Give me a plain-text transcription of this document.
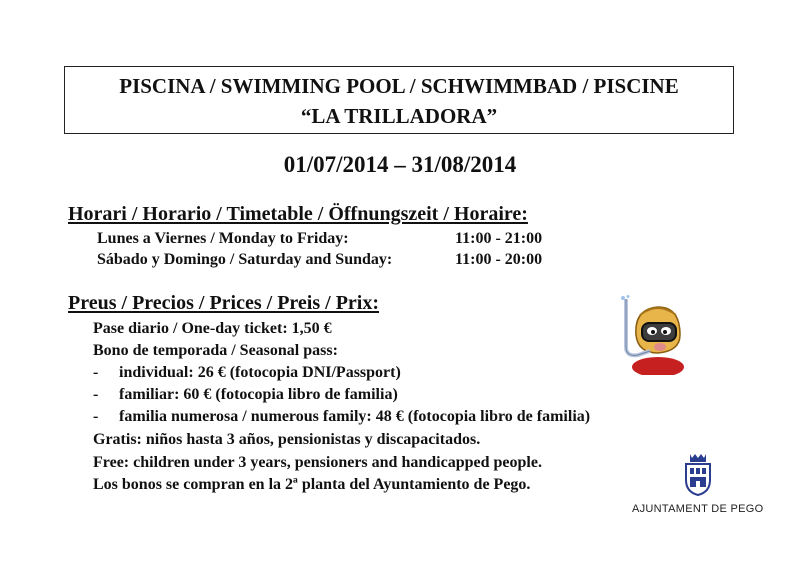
PISCINA / SWIMMING POOL / SCHWIMMBAD / PISCINE
“LA TRILLADORA”
01/07/2014 – 31/08/2014
Horari / Horario / Timetable / Öffnungszeit / Horaire:
Lunes a Viernes / Monday to Friday:	11:00 - 21:00
Sábado y Domingo / Saturday and Sunday:	11:00 - 20:00
Preus / Precios / Prices / Preis / Prix:
Pase diario / One-day ticket: 1,50 €
Bono de temporada / Seasonal pass:
- individual: 26 € (fotocopia DNI/Passport)
- familiar: 60 € (fotocopia libro de familia)
- familia numerosa / numerous family: 48 € (fotocopia libro de familia)
Gratis: niños hasta 3 años, pensionistas y discapacitados.
Free: children under 3 years, pensioners and handicapped people.
Los bonos se compran en la 2ª planta del Ayuntamiento de Pego.
AJUNTAMENT DE PEGO
